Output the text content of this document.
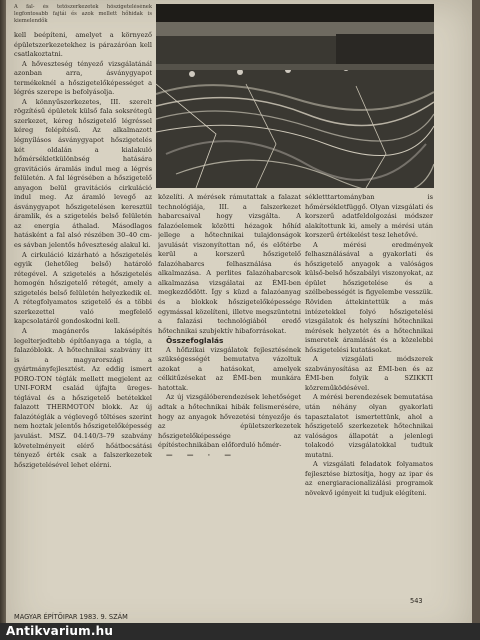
A fal- és tetőszerkezetek hőszigetelésének legfontosabb fajtái és azok mellett hőhidak is kiemelendők

kell beépíteni, amelyet a környező épületszerkezetekhez is párazáróan kell csatlakoztatni.

A hőveszteség tényező vizsgálatánál azonban arra, ásványgyapot termékeknél a hőszigetelőképességet a légrés szerepe is befolyásolja.

A könnyűszerkezetes, III. szerelt rögzítésű épületek külső fala soksrétegű szerkezet, kéreg hőszigetelő légréssel kéreg felépítésű. Az alkalmazott légnyílásos ásványgyapot hőszigetelés két oldalán a kialakuló hőmérsékletkülönbség hatására gravitációs áramlás indul meg a légrés felületén. A fal légrésében a hőszigetelő anyagon belül gravitációs cirkuláció indul meg. Az áramló levegő az ásványgyapot hőszigetelésen keresztül áramlik, és a szigetelés belső felületén az energia áthalad. Másodlagos hatásként a fal alsó részében 30–40 cm-es sávban jelentős hőveszteség alakul ki.

A cirkuláció kizárható a hőszigetelés egyik (lehetőleg belső) határoló rétegével. A szigetelés a hőszigetelés homogén hőszigetelő rétegét, amely a szigetelés belső felületén helyezkedik el. A rétegfolyamatos szigetelő és a többi szerkezettel való megfelelő kapcsolatáról gondoskodni kell.

A magánerős lakásépítés legelterjedtebb építőanyaga a tégla, a falazóblokk. A hőtechnikai szabvány itt is a magyarországi a gyártmányfejlesztést. Az eddig ismert PORO-TON téglák mellett megjelent az UNI-FORM család újfajta üreges-téglával és a hőszigetelő betétekkel falazott THERMOTON blokk. Az új falazótéglák a véglevegő töltéses szerint nem hoztak jelentős hőszigetelőképesség javulást. MSZ. 04.140/3–79 szabvány követelményeit elérő hőátbocsátási tényező érték csak a falszerkezetek hőszigetelésével lehet elérni.

közelíti. A mérések rámutattak a falazat technológiája, III. a falszerkezet habarcsaival hogy vizsgálta. A falazóelemek közötti hézagok hőhíd jellege a hőtechnikai tulajdonságok javulását viszonyítottan nő, és előtérbe kerül a korszerű hőszigetelő falazóhabarcs felhasználása és alkalmazása. A perlites falazóhabarcsok alkalmazása vizsgálatai az ÉMI-ben megkezdődött. Így s küzd a falazóanyag és a blokkok hőszigetelőképessége egymással közelíteni, illetve megszüntetni a falazási technológiából eredő hőtechnikai szubjektív hibaforrásokat.

Összefoglalás

A hőfizikai vizsgálatok fejlesztésének szükségességét bemutatva vázoltuk azokat a hatásokat, amelyek célkitűzésekat az ÉMI-ben munkára hatottak.

Az új vizsgálóberendezések lehetőséget adtak a hőtechnikai hibák felismerésére, hogy az anyagok hővezetési tényezője és az épületszerkezetek hőszigetelőképessége az építéstechnikában előforduló hőmér-

— — · —

sékletttartományban is hőmérsékletfüggő. Olyan vizsgálati és korszerű adatfeldolgozási módszer alakítottunk ki, amely a mérési után korszerű értékelést tesz lehetővé.

A mérési eredmények felhasználásával a gyakorlati és hőszigetelő anyagok a valóságos külső-belső hőszabályi viszonyokat, az épület hőszigetelése és a szélbebességét is figyelembe vesszük. Röviden áttekintettük a más intézetekkel folyó hőszigetelési vizsgálatok és helyszíni hőtechnikai mérések helyzetét és a hőtechnikai ismeretek áramlását és a közelebbi hőszigetelési kutatásokat.

A vizsgálati módszerek szabványosítása az ÉMI-ben és az ÉMI-ben folyik a SZIKKTI közreműködésével.

A mérési berendezések bemutatása után néhány olyan gyakorlati tapasztalatot ismertettünk, ahol a hőszigetelő szerkezetek hőtechnikai valóságos állapotát a jelenlegi tolakodó vizsgálatokkal tudtuk mutatni.

A vizsgálati feladatok folyamatos fejlesztése biztosítja, hogy az ipar és az energiaracionalizálási programok növekvő igényeit ki tudjuk elégíteni.

543
MAGYAR ÉPÍTŐIPAR 1983. 9. SZÁM
Antikvarium.hu
